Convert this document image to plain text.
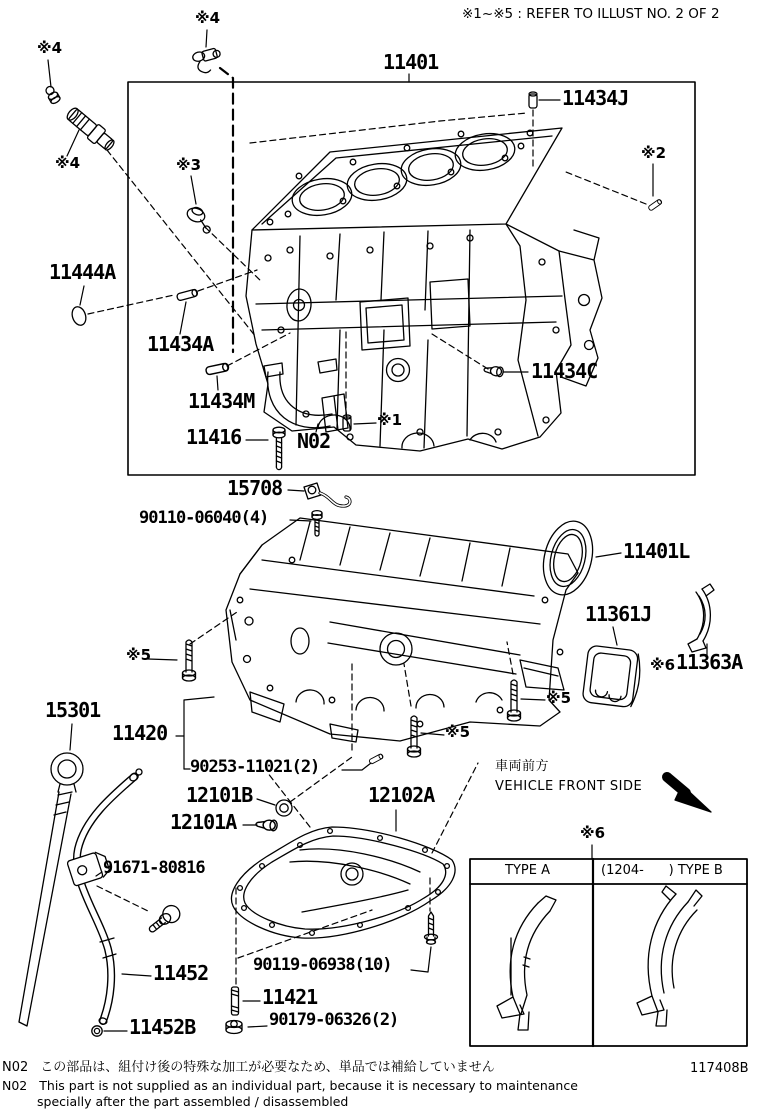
※4
※4
※4	※1~※5 : REFER TO ILLUST NO. 2 OF 2
11401
11434J
※2
※3
11444A
11434A
11434M
11416	N02
11434C
※1
15708
90110-06040(4)
11401L
11361J
※6 11363A
※5
15301
11420
90253-11021(2)
12101B
12101A
12102A
91671-80816
※5
※5
11452
11452B
90119-06938(10)
11421
90179-06326(2)
車両前方
VEHICLE FRONT SIDE
※6
TYPE A	(1204-      ) TYPE B
N02 この部品は、組付け後の特殊な加工が必要なため、単品では補給していません
N02 This part is not supplied as an individual part, because it is necessary to maintenance
specially after the part assembled / disassembled
117408B
